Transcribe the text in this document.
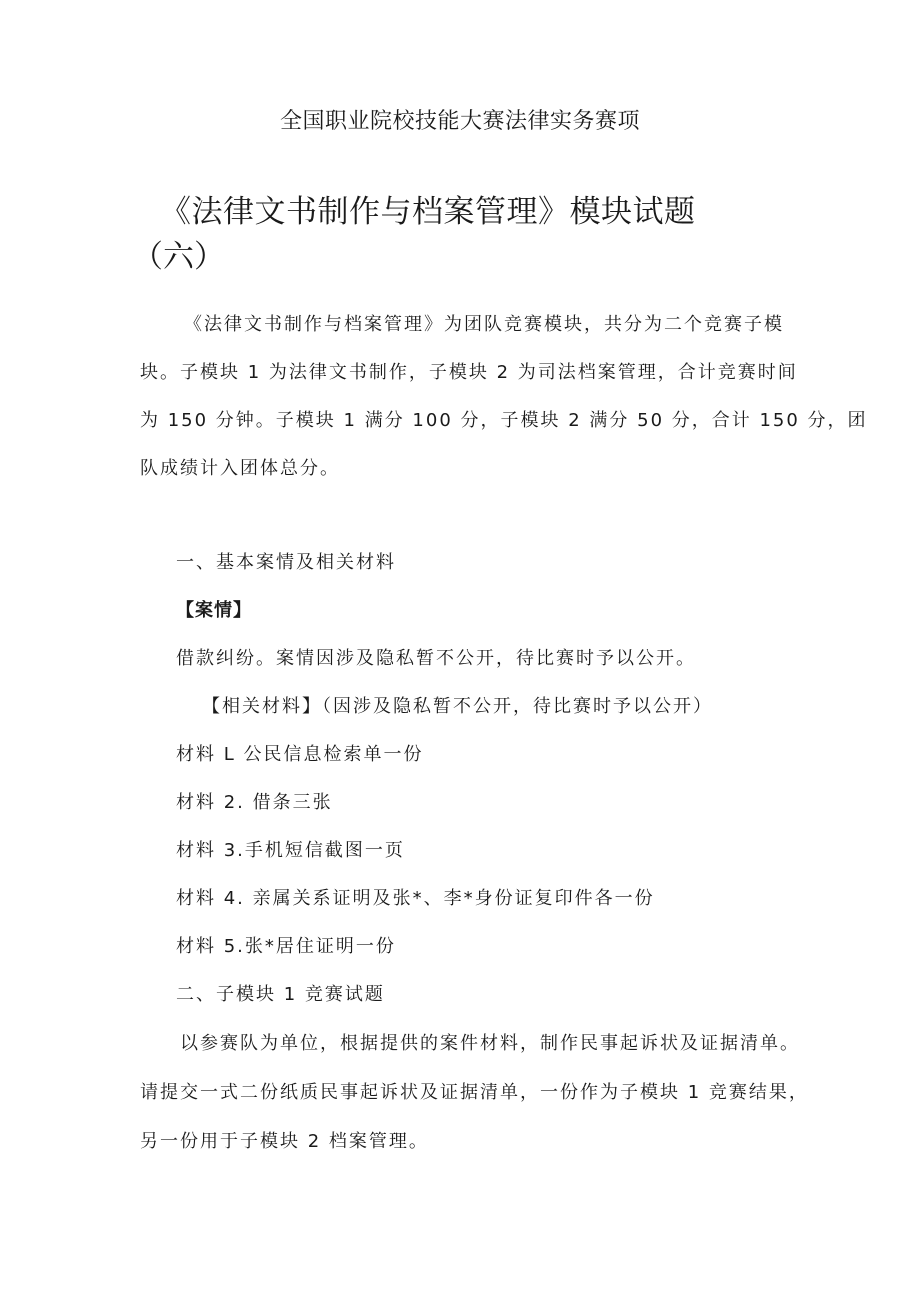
全国职业院校技能大赛法律实务赛项
《法律文书制作与档案管理》模块试题
（六）
《法律文书制作与档案管理》为团队竞赛模块，共分为二个竞赛子模
块。子模块 1 为法律文书制作，子模块 2 为司法档案管理，合计竞赛时间
为 150 分钟。子模块 1 满分 100 分，子模块 2 满分 50 分，合计 150 分，团
队成绩计入团体总分。
一、基本案情及相关材料
【案情】
借款纠纷。案情因涉及隐私暂不公开，待比赛时予以公开。
【相关材料】（因涉及隐私暂不公开，待比赛时予以公开）
材料 L 公民信息检索单一份
材料 2. 借条三张
材料 3.手机短信截图一页
材料 4. 亲属关系证明及张*、李*身份证复印件各一份
材料 5.张*居住证明一份
二、子模块 1 竞赛试题
以参赛队为单位，根据提供的案件材料，制作民事起诉状及证据清单。
请提交一式二份纸质民事起诉状及证据清单，一份作为子模块 1 竞赛结果，
另一份用于子模块 2 档案管理。
